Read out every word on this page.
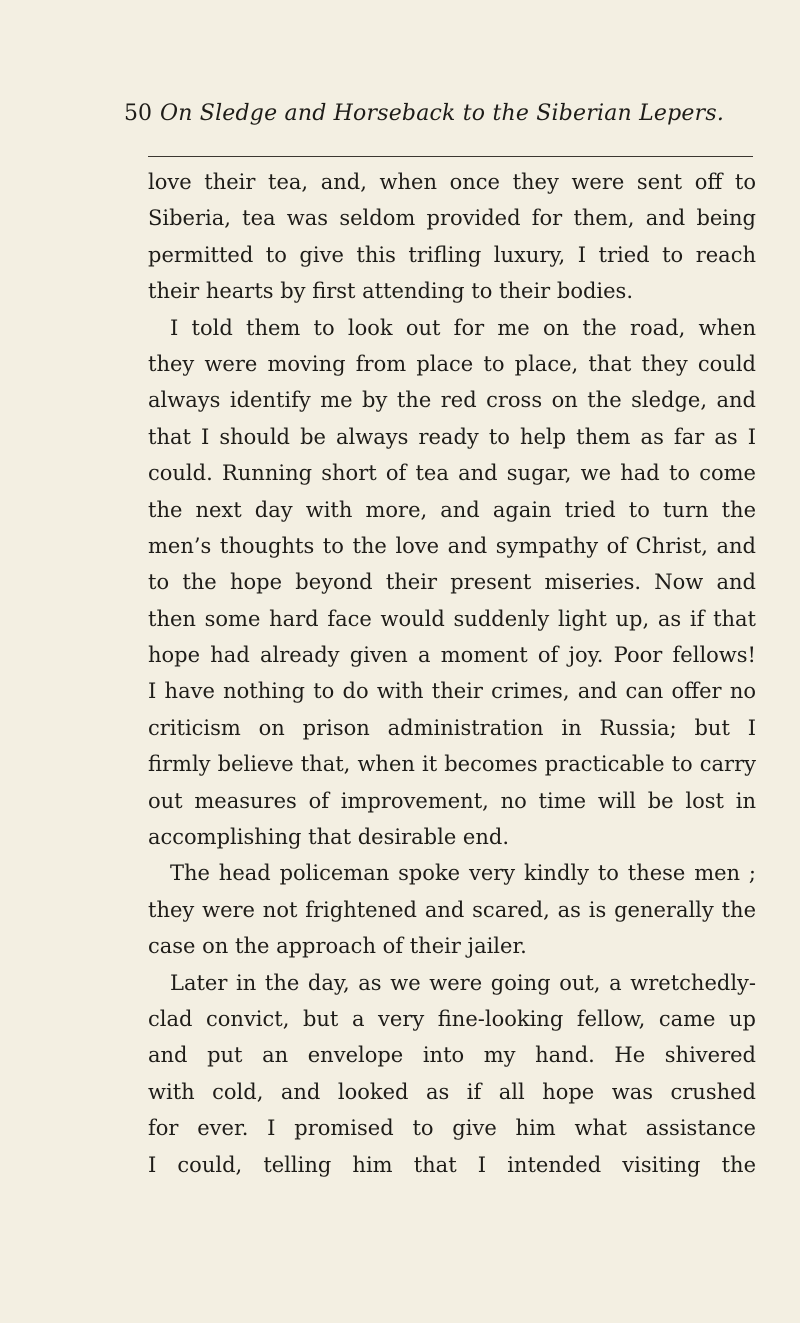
50 On Sledge and Horseback to the Siberian Lepers.
love their tea, and, when once they were sent off to
Siberia, tea was seldom provided for them, and being
permitted to give this trifling luxury, I tried to reach
their hearts by first attending to their bodies.
I told them to look out for me on the road, when
they were moving from place to place, that they could
always identify me by the red cross on the sledge, and
that I should be always ready to help them as far as I
could. Running short of tea and sugar, we had to come
the next day with more, and again tried to turn the
men’s thoughts to the love and sympathy of Christ, and
to the hope beyond their present miseries. Now and
then some hard face would suddenly light up, as if that
hope had already given a moment of joy. Poor fellows!
I have nothing to do with their crimes, and can offer no
criticism on prison administration in Russia; but I
firmly believe that, when it becomes practicable to carry
out measures of improvement, no time will be lost in
accomplishing that desirable end.
The head policeman spoke very kindly to these men ;
they were not frightened and scared, as is generally the
case on the approach of their jailer.
Later in the day, as we were going out, a wretchedly-
clad convict, but a very fine-looking fellow, came up
and put an envelope into my hand. He shivered
with cold, and looked as if all hope was crushed
for ever. I promised to give him what assistance
I could, telling him that I intended visiting the
